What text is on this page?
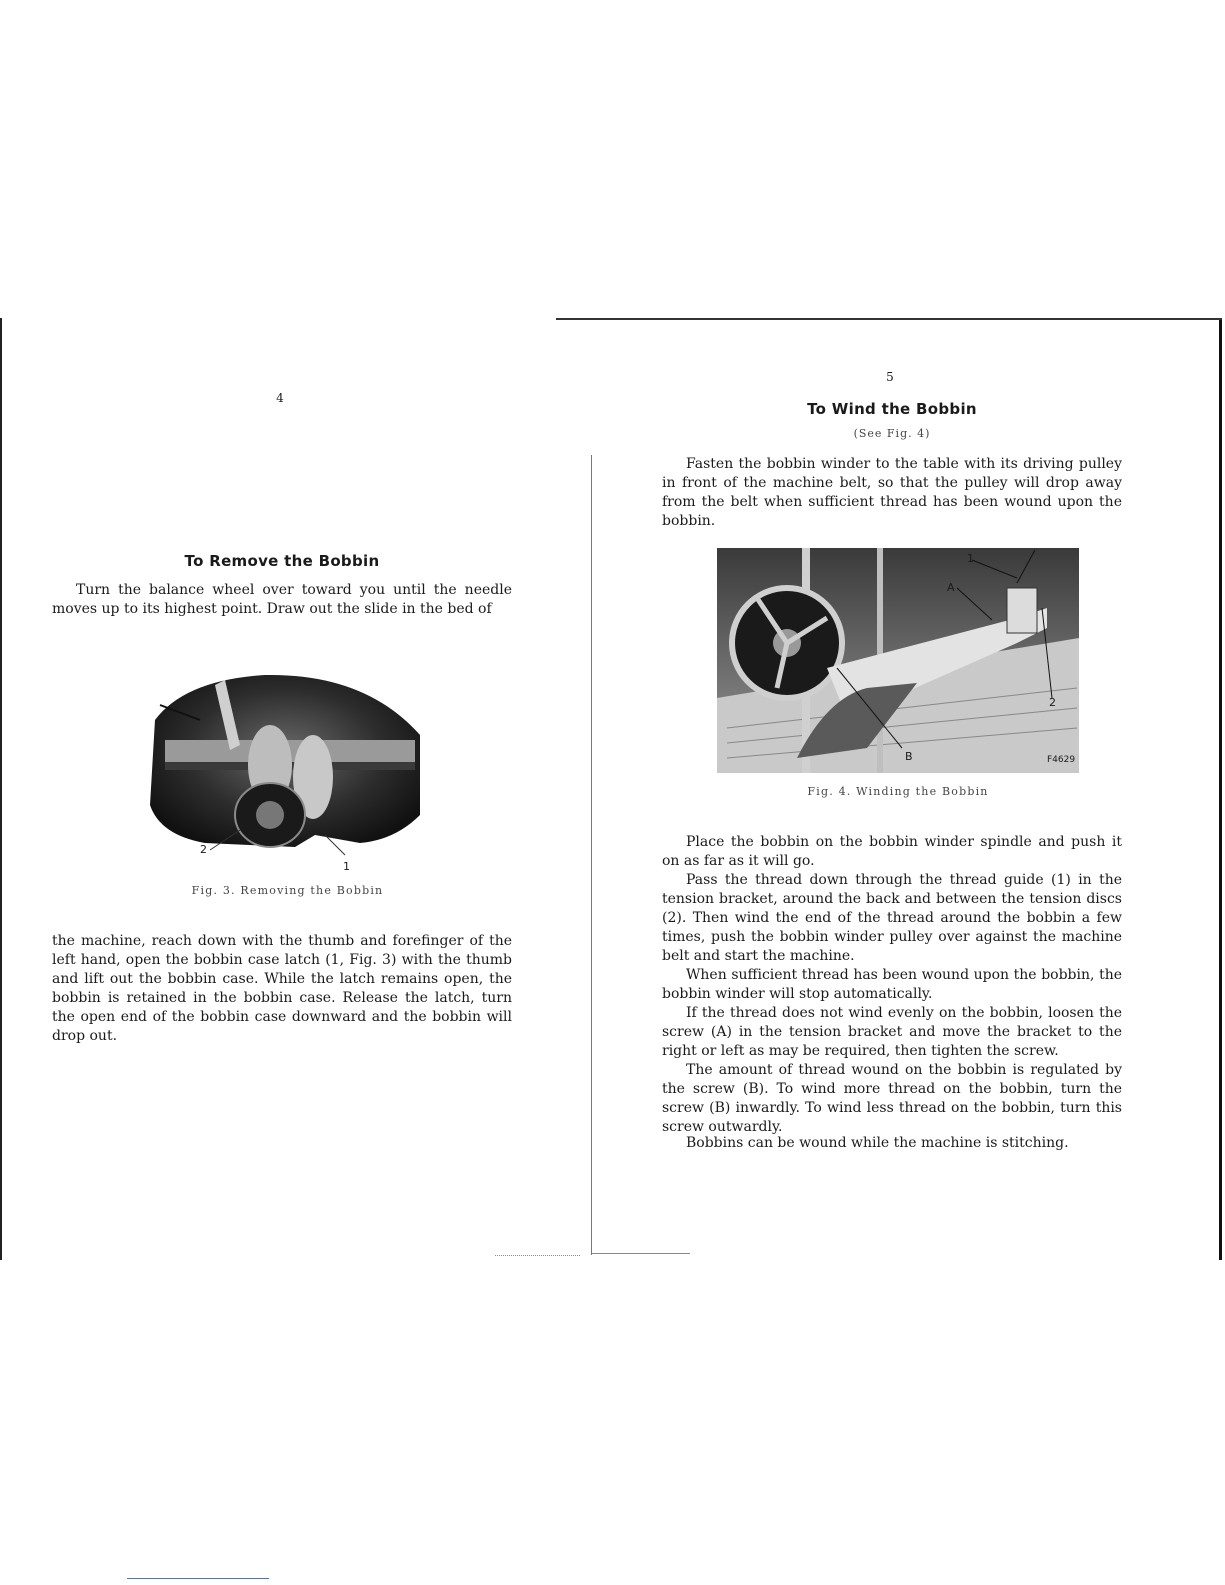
4
To Remove the Bobbin

Turn the balance wheel over toward you until the needle moves up to its highest point. Draw out the slide in the bed of

2
1
Fig. 3. Removing the Bobbin

the machine, reach down with the thumb and forefinger of the left hand, open the bobbin case latch (1, Fig. 3) with the thumb and lift out the bobbin case. While the latch remains open, the bobbin is retained in the bobbin case. Release the latch, turn the open end of the bobbin case downward and the bobbin will drop out.

5
To Wind the Bobbin
(See Fig. 4)

Fasten the bobbin winder to the table with its driving pulley in front of the machine belt, so that the pulley will drop away from the belt when sufficient thread has been wound upon the bobbin.

1
A
2
B	F4629
Fig. 4. Winding the Bobbin

Place the bobbin on the bobbin winder spindle and push it on as far as it will go.

Pass the thread down through the thread guide (1) in the tension bracket, around the back and between the tension discs (2). Then wind the end of the thread around the bobbin a few times, push the bobbin winder pulley over against the machine belt and start the machine.

When sufficient thread has been wound upon the bobbin, the bobbin winder will stop automatically.

If the thread does not wind evenly on the bobbin, loosen the screw (A) in the tension bracket and move the bracket to the right or left as may be required, then tighten the screw.

The amount of thread wound on the bobbin is regulated by the screw (B). To wind more thread on the bobbin, turn the screw (B) inwardly. To wind less thread on the bobbin, turn this screw outwardly.

Bobbins can be wound while the machine is stitching.
